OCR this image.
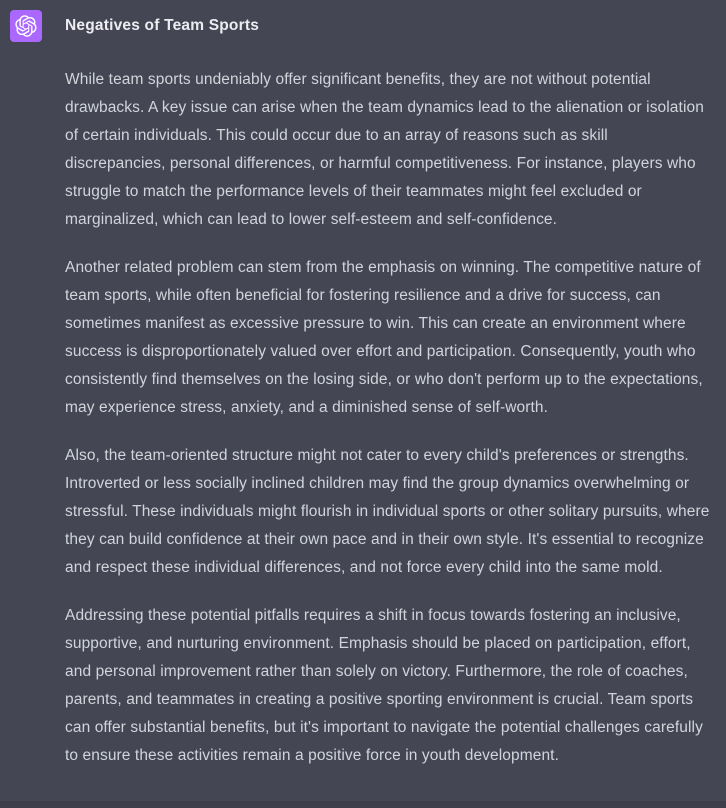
Negatives of Team Sports

While team sports undeniably offer significant benefits, they are not without potential drawbacks. A key issue can arise when the team dynamics lead to the alienation or isolation of certain individuals. This could occur due to an array of reasons such as skill discrepancies, personal differences, or harmful competitiveness. For instance, players who struggle to match the performance levels of their teammates might feel excluded or marginalized, which can lead to lower self-esteem and self-confidence.

Another related problem can stem from the emphasis on winning. The competitive nature of team sports, while often beneficial for fostering resilience and a drive for success, can sometimes manifest as excessive pressure to win. This can create an environment where success is disproportionately valued over effort and participation. Consequently, youth who consistently find themselves on the losing side, or who don't perform up to the expectations, may experience stress, anxiety, and a diminished sense of self-worth.

Also, the team-oriented structure might not cater to every child's preferences or strengths. Introverted or less socially inclined children may find the group dynamics overwhelming or stressful. These individuals might flourish in individual sports or other solitary pursuits, where they can build confidence at their own pace and in their own style. It's essential to recognize and respect these individual differences, and not force every child into the same mold.

Addressing these potential pitfalls requires a shift in focus towards fostering an inclusive, supportive, and nurturing environment. Emphasis should be placed on participation, effort, and personal improvement rather than solely on victory. Furthermore, the role of coaches, parents, and teammates in creating a positive sporting environment is crucial. Team sports can offer substantial benefits, but it's important to navigate the potential challenges carefully to ensure these activities remain a positive force in youth development.
